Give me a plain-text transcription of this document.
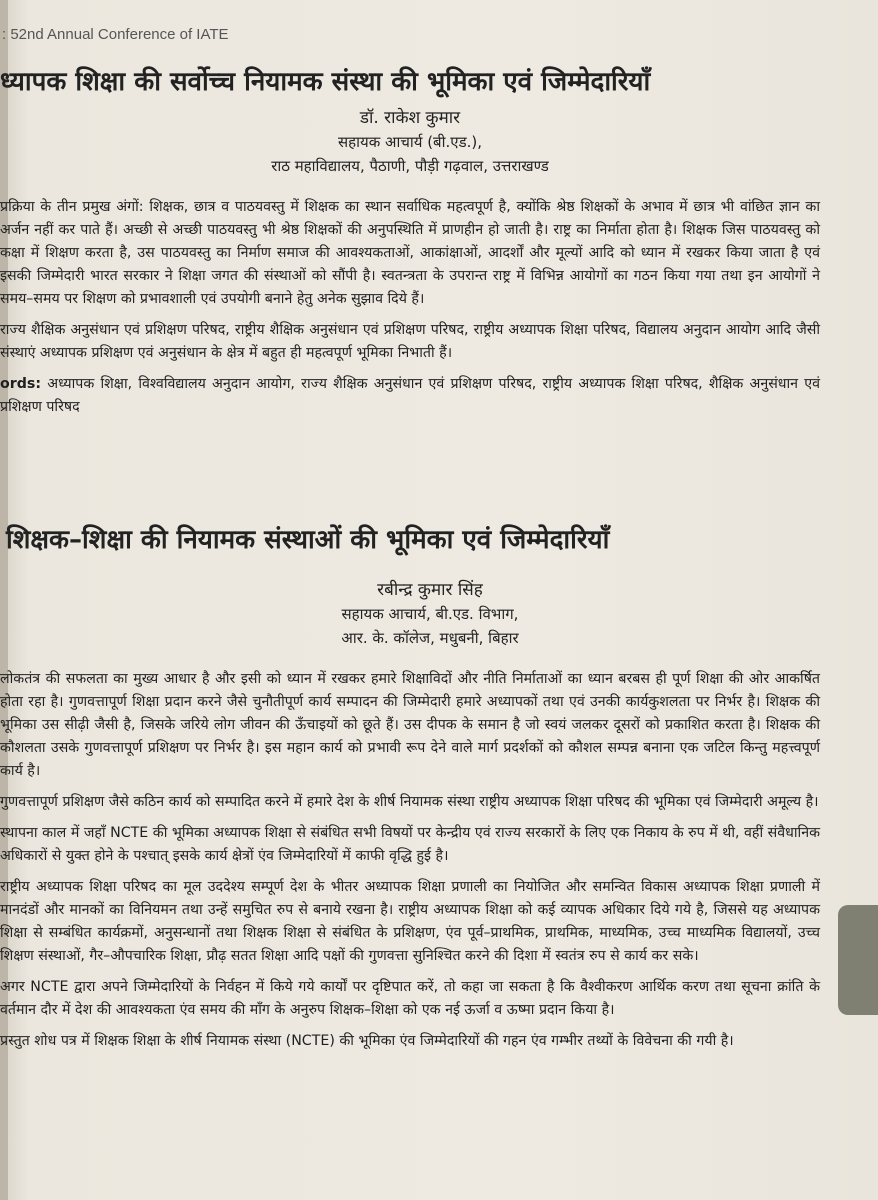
: 52nd Annual Conference of IATE
ध्यापक शिक्षा की सर्वोच्च नियामक संस्था की भूमिका एवं जिम्मेदारियाँ
डॉ. राकेश कुमार
सहायक आचार्य (बी.एड.),
राठ महाविद्यालय, पैठाणी, पौड़ी गढ़वाल, उत्तराखण्ड

प्रक्रिया के तीन प्रमुख अंगों: शिक्षक, छात्र व पाठयवस्तु में शिक्षक का स्थान सर्वाधिक महत्वपूर्ण है, क्योंकि श्रेष्ठ शिक्षकों के अभाव में छात्र भी वांछित ज्ञान का अर्जन नहीं कर पाते हैं। अच्छी से अच्छी पाठयवस्तु भी श्रेष्ठ शिक्षकों की अनुपस्थिति में प्राणहीन हो जाती है। राष्ट्र का निर्माता होता है। शिक्षक जिस पाठयवस्तु को कक्षा में शिक्षण करता है, उस पाठयवस्तु का निर्माण समाज की आवश्यकताओं, आकांक्षाओं, आदर्शों और मूल्यों आदि को ध्यान में रखकर किया जाता है एवं इसकी जिम्मेदारी भारत सरकार ने शिक्षा जगत की संस्थाओं को सौंपी है। स्वतन्त्रता के उपरान्त राष्ट्र में विभिन्न आयोगों का गठन किया गया तथा इन आयोगों ने समय–समय पर शिक्षण को प्रभावशाली एवं उपयोगी बनाने हेतु अनेक सुझाव दिये हैं।

राज्य शैक्षिक अनुसंधान एवं प्रशिक्षण परिषद, राष्ट्रीय शैक्षिक अनुसंधान एवं प्रशिक्षण परिषद, राष्ट्रीय अध्यापक शिक्षा परिषद, विद्यालय अनुदान आयोग आदि जैसी संस्थाएं अध्यापक प्रशिक्षण एवं अनुसंधान के क्षेत्र में बहुत ही महत्वपूर्ण भूमिका निभाती हैं।

ords: अध्यापक शिक्षा, विश्वविद्यालय अनुदान आयोग, राज्य शैक्षिक अनुसंधान एवं प्रशिक्षण परिषद, राष्ट्रीय अध्यापक शिक्षा परिषद, शैक्षिक अनुसंधान एवं प्रशिक्षण परिषद

शिक्षक–शिक्षा की नियामक संस्थाओं की भूमिका एवं जिम्मेदारियाँ
रबीन्द्र कुमार सिंह
सहायक आचार्य, बी.एड. विभाग,
आर. के. कॉलेज, मधुबनी, बिहार

लोकतंत्र की सफलता का मुख्य आधार है और इसी को ध्यान में रखकर हमारे शिक्षाविदों और नीति निर्माताओं का ध्यान बरबस ही पूर्ण शिक्षा की ओर आकर्षित होता रहा है। गुणवत्तापूर्ण शिक्षा प्रदान करने जैसे चुनौतीपूर्ण कार्य सम्पादन की जिम्मेदारी हमारे अध्यापकों तथा एवं उनकी कार्यकुशलता पर निर्भर है। शिक्षक की भूमिका उस सीढ़ी जैसी है, जिसके जरिये लोग जीवन की ऊँचाइयों को छूते हैं। उस दीपक के समान है जो स्वयं जलकर दूसरों को प्रकाशित करता है। शिक्षक की कौशलता उसके गुणवत्तापूर्ण प्रशिक्षण पर निर्भर है। इस महान कार्य को प्रभावी रूप देने वाले मार्ग प्रदर्शकों को कौशल सम्पन्न बनाना एक जटिल किन्तु महत्त्वपूर्ण कार्य है।

गुणवत्तापूर्ण प्रशिक्षण जैसे कठिन कार्य को सम्पादित करने में हमारे देश के शीर्ष नियामक संस्था राष्ट्रीय अध्यापक शिक्षा परिषद की भूमिका एवं जिम्मेदारी अमूल्य है।

स्थापना काल में जहाँ NCTE की भूमिका अध्यापक शिक्षा से संबंधित सभी विषयों पर केन्द्रीय एवं राज्य सरकारों के लिए एक निकाय के रुप में थी, वहीं संवैधानिक अधिकारों से युक्त होने के पश्चात् इसके कार्य क्षेत्रों एंव जिम्मेदारियों में काफी वृद्धि हुई है।

राष्ट्रीय अध्यापक शिक्षा परिषद का मूल उददेश्य सम्पूर्ण देश के भीतर अध्यापक शिक्षा प्रणाली का नियोजित और समन्वित विकास अध्यापक शिक्षा प्रणाली में मानदंडों और मानकों का विनियमन तथा उन्हें समुचित रुप से बनाये रखना है। राष्ट्रीय अध्यापक शिक्षा को कई व्यापक अधिकार दिये गये है, जिससे यह अध्यापक शिक्षा से सम्बंधित कार्यक्रमों, अनुसन्धानों तथा शिक्षक शिक्षा से संबंधित के प्रशिक्षण, एंव पूर्व–प्राथमिक, प्राथमिक, माध्यमिक, उच्च माध्यमिक विद्यालयों, उच्च शिक्षण संस्थाओं, गैर–औपचारिक शिक्षा, प्रौढ़ सतत शिक्षा आदि पक्षों की गुणवत्ता सुनिश्चित करने की दिशा में स्वतंत्र रुप से कार्य कर सके।

अगर NCTE द्वारा अपने जिम्मेदारियों के निर्वहन में किये गये कार्यों पर दृष्टिपात करें, तो कहा जा सकता है कि वैश्वीकरण आर्थिक करण तथा सूचना क्रांति के वर्तमान दौर में देश की आवश्यकता एंव समय की माँग के अनुरुप शिक्षक–शिक्षा को एक नई ऊर्जा व ऊष्मा प्रदान किया है।

प्रस्तुत शोध पत्र में शिक्षक शिक्षा के शीर्ष नियामक संस्था (NCTE) की भूमिका एंव जिम्मेदारियों की गहन एंव गम्भीर तथ्यों के विवेचना की गयी है।
